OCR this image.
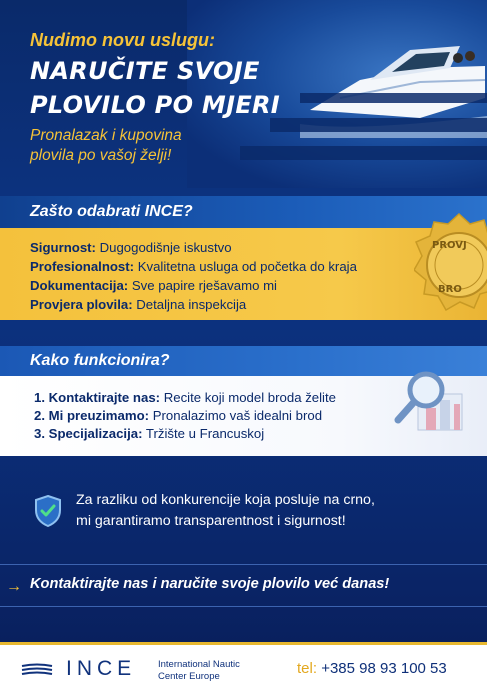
Nudimo novu uslugu:
NARUČITE SVOJE
PLOVILO PO MJERI
Pronalazak i kupovina
plovila po vašoj želji!
Zašto odabrati INCE?
Sigurnost: Dugogodišnje iskustvo
Profesionalnost: Kvalitetna usluga od početka do kraja
Dokumentacija: Sve papire rješavamo mi
Provjera plovila: Detaljna inspekcija
PROVJ
BRO
Kako funkcionira?
1. Kontaktirajte nas: Recite koji model broda želite
2. Mi preuzimamo: Pronalazimo vaš idealni brod
3. Specijalizacija: Tržište u Francuskoj
Za razliku od konkurencije koja posluje na crno,
mi garantiramo transparentnost i sigurnost!
→ Kontaktirajte nas i naručite svoje plovilo već danas!
INCE International Nautic
Center Europe	tel: +385 98 93 100 53
